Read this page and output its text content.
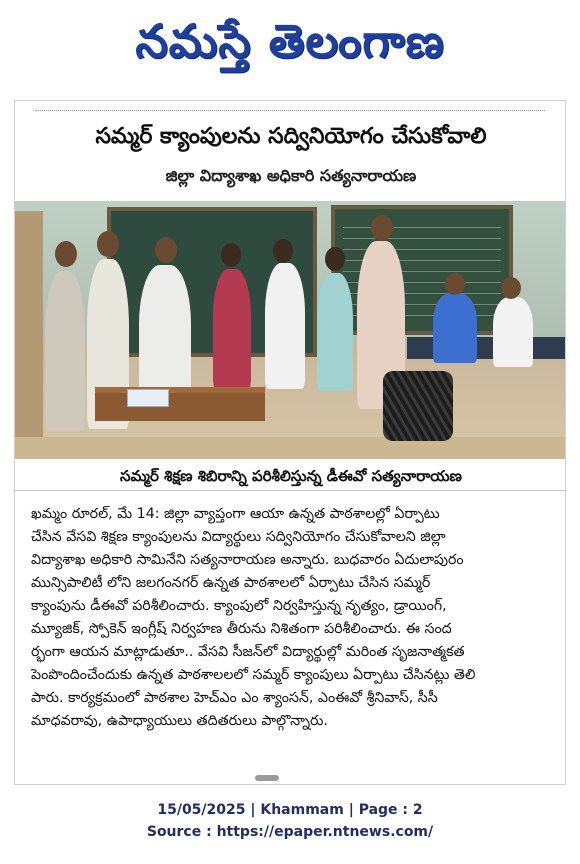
నమస్తే తెలంగాణ
సమ్మర్ క్యాంపులను సద్వినియోగం చేసుకోవాలి
జిల్లా విద్యాశాఖ అధికారి సత్యనారాయణ
సమ్మర్ శిక్షణ శిబిరాన్ని పరిశీలిస్తున్న డీఈవో సత్యనారాయణ
ఖమ్మం రూరల్, మే 14: జిల్లా వ్యాప్తంగా ఆయా ఉన్నత పాఠశాలల్లో ఏర్పాటు
చేసిన వేసవి శిక్షణ క్యాంపులను విద్యార్థులు సద్వినియోగం చేసుకోవాలని జిల్లా
విద్యాశాఖ అధికారి సామినేని సత్యనారాయణ అన్నారు. బుధవారం ఏదులాపురం
మున్సిపాలిటీ లోని జలగంనగర్ ఉన్నత పాఠశాలలో ఏర్పాటు చేసిన సమ్మర్
క్యాంపును డీఈవో పరిశీలించారు. క్యాంపులో నిర్వహిస్తున్న నృత్యం, డ్రాయింగ్,
మ్యూజిక్, స్పోకెన్ ఇంగ్లీష్ నిర్వహణ తీరును నిశితంగా పరిశీలించారు. ఈ సంద
ర్భంగా ఆయన మాట్లాడుతూ.. వేసవి సీజన్‌లో విద్యార్థుల్లో మరింత సృజనాత్మకత
పెంపొందించేందుకు ఉన్నత పాఠశాలలలో సమ్మర్ క్యాంపులు ఏర్పాటు చేసినట్లు తెలి
పారు. కార్యక్రమంలో పాఠశాల హెచ్ఎం ఎం శ్యాంసన్, ఎంఈవో శ్రీనివాస్, సీసీ
మాధవరావు, ఉపాధ్యాయులు తదితరులు పాల్గొన్నారు.
15/05/2025 | Khammam | Page : 2
Source : https://epaper.ntnews.com/
